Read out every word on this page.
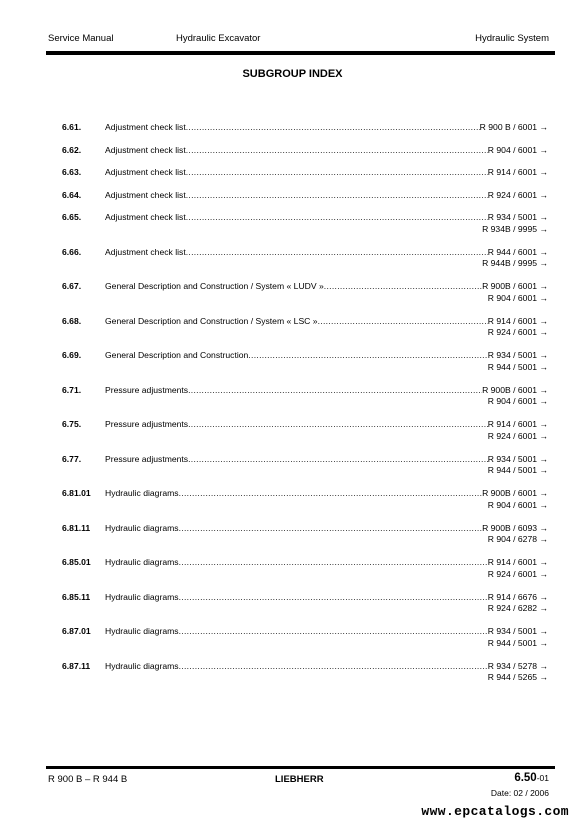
Service Manual	Hydraulic Excavator	Hydraulic System
SUBGROUP INDEX
6.61.	Adjustment check list .....	R 900 B / 6001 →
6.62.	Adjustment check list .....	R 904 / 6001 →
6.63.	Adjustment check list .....	R 914 / 6001 →
6.64.	Adjustment check list .....	R 924 / 6001 →
6.65.	Adjustment check list .....	R 934 / 5001 →
R 934B / 9995 →
6.66.	Adjustment check list .....	R 944 / 6001 →
R 944B / 9995 →
6.67.	General Description and Construction / System « LUDV » .....	R 900B / 6001 →
R 904 / 6001 →
6.68.	General Description and Construction / System « LSC » .....	R 914 / 6001 →
R 924 / 6001 →
6.69.	General Description and Construction .....	R 934 / 5001 →
R 944 / 5001 →
6.71.	Pressure adjustments .....	R 900B / 6001 →
R 904 / 6001 →
6.75.	Pressure adjustments .....	R 914 / 6001 →
R 924 / 6001 →
6.77.	Pressure adjustments .....	R 934 / 5001 →
R 944 / 5001 →
6.81.01	Hydraulic diagrams .....	R 900B / 6001 →
R 904 / 6001 →
6.81.11	Hydraulic diagrams .....	R 900B / 6093 →
R 904 / 6278 →
6.85.01	Hydraulic diagrams .....	R 914 / 6001 →
R 924 / 6001 →
6.85.11	Hydraulic diagrams .....	R 914 / 6676 →
R 924 / 6282 →
6.87.01	Hydraulic diagrams .....	R 934 / 5001 →
R 944 / 5001 →
6.87.11	Hydraulic diagrams .....	R 934 / 5278 →
R 944 / 5265 →
R 900 B – R 944 B	LIEBHERR	6.50-01
Date: 02 / 2006
www.epcatalogs.com
